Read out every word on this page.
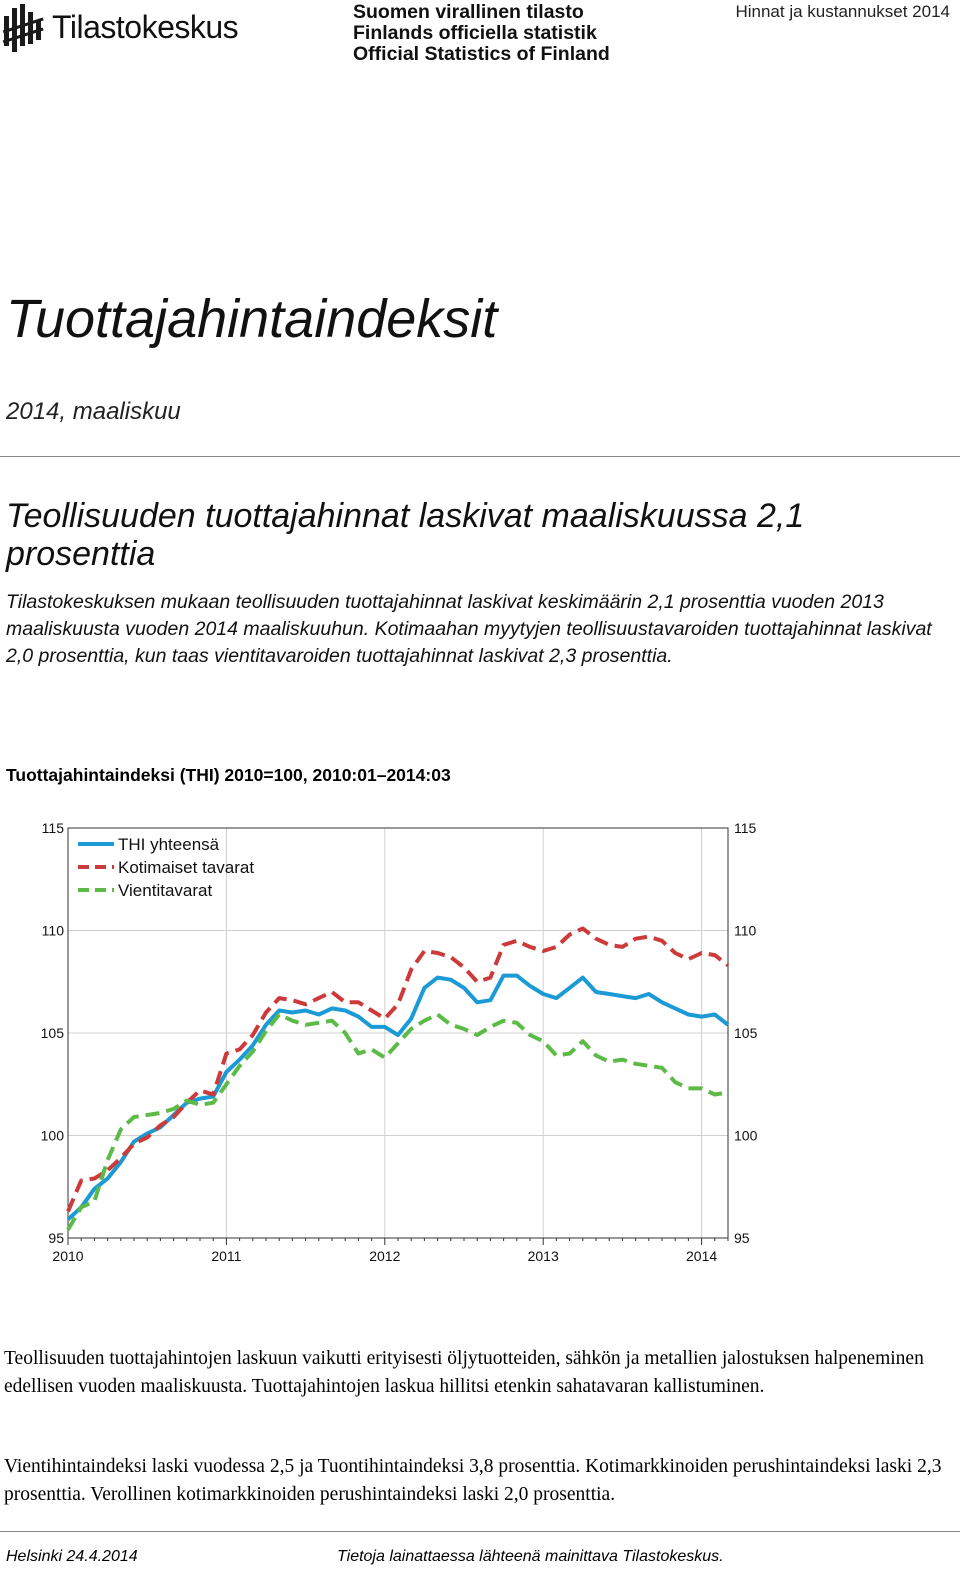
Tilastokeskus	Suomen virallinen tilasto
Finlands officiella statistik
Official Statistics of Finland
Hinnat ja kustannukset 2014
Tuottajahintaindeksit
2014, maaliskuu
Teollisuuden tuottajahinnat laskivat maaliskuussa 2,1 prosenttia
Tilastokeskuksen mukaan teollisuuden tuottajahinnat laskivat keskimäärin 2,1 prosenttia vuoden 2013 maaliskuusta vuoden 2014 maaliskuuhun. Kotimaahan myytyjen teollisuustavaroiden tuottajahinnat laskivat 2,0 prosenttia, kun taas vientitavaroiden tuottajahinnat laskivat 2,3 prosenttia.
Tuottajahintaindeksi (THI) 2010=100, 2010:01–2014:03
115	115
110	110
105	105
100	100
95	95
2010	2011	2012	2013	2014
THI yhteensä
Kotimaiset tavarat
Vientitavarat
Teollisuuden tuottajahintojen laskuun vaikutti erityisesti öljytuotteiden, sähkön ja metallien jalostuksen halpeneminen edellisen vuoden maaliskuusta. Tuottajahintojen laskua hillitsi etenkin sahatavaran kallistuminen.
Vientihintaindeksi laski vuodessa 2,5 ja Tuontihintaindeksi 3,8 prosenttia. Kotimarkkinoiden perushintaindeksi laski 2,3 prosenttia. Verollinen kotimarkkinoiden perushintaindeksi laski 2,0 prosenttia.
Helsinki 24.4.2014	Tietoja lainattaessa lähteenä mainittava Tilastokeskus.
